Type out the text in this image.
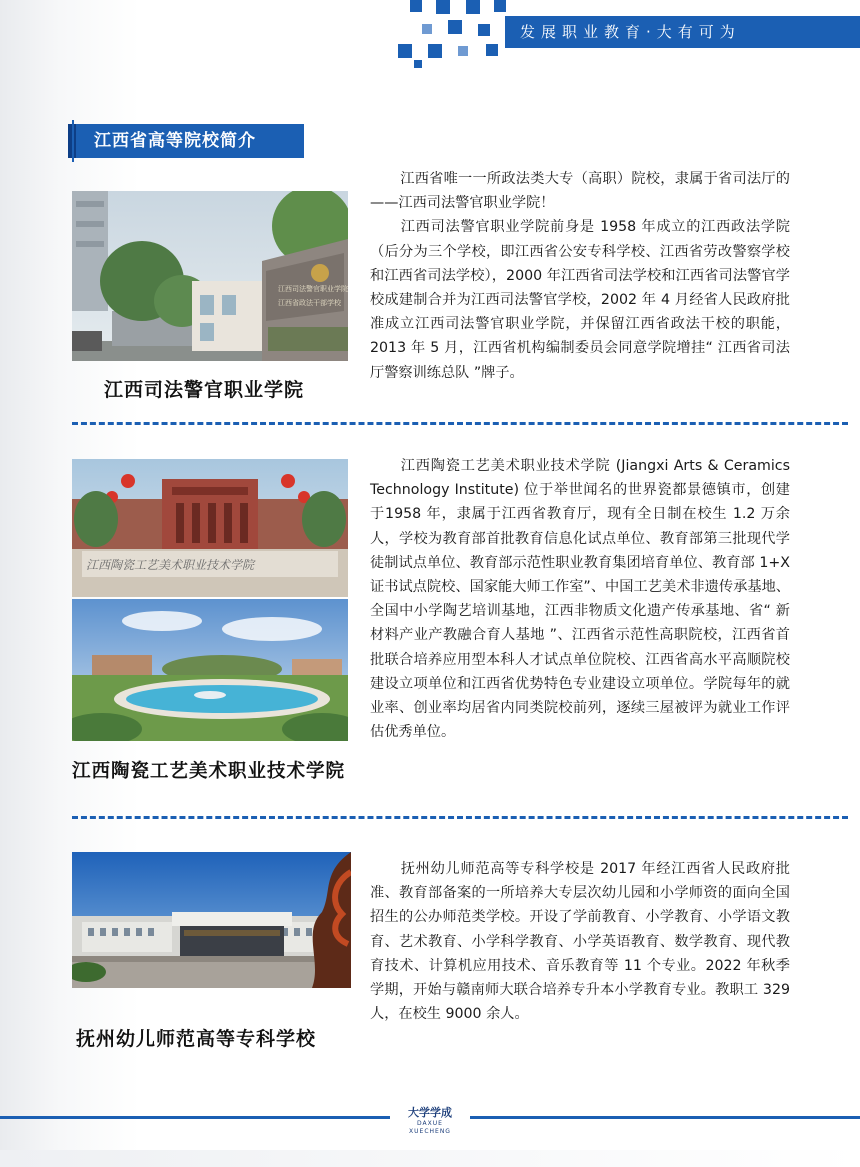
发展职业教育·大有可为
江西省高等院校简介
江西司法警官职业学院
江西省政法干部学校
江西司法警官职业学院

江西省唯一一所政法类大专（高职）院校，隶属于省司法厅的——江西司法警官职业学院！

江西司法警官职业学院前身是 1958 年成立的江西政法学院（后分为三个学校，即江西省公安专科学校、江西省劳改警察学校和江西省司法学校），2000 年江西省司法学校和江西省司法警官学校成建制合并为江西司法警官学校，2002 年 4 月经省人民政府批准成立江西司法警官职业学院，并保留江西省政法干校的职能，2013 年 5 月，江西省机构编制委员会同意学院增挂“ 江西省司法厅警察训练总队 ”牌子。

江西陶瓷工艺美术职业技术学院
江西陶瓷工艺美术职业技术学院

江西陶瓷工艺美术职业技术学院 (Jiangxi Arts & Ceramics Technology Institute) 位于举世闻名的世界瓷都景德镇市，创建于1958 年，隶属于江西省教育厅，现有全日制在校生 1.2 万余人，学校为教育部首批教育信息化试点单位、教育部第三批现代学徒制试点单位、教育部示范性职业教育集团培育单位、教育部 1+X 证书试点院校、国家能大师工作室”、中国工艺美术非遗传承基地、全国中小学陶艺培训基地，江西非物质文化遗产传承基地、省“ 新材料产业产教融合育人基地 ”、江西省示范性高职院校，江西省首批联合培养应用型本科人才试点单位院校、江西省高水平高顺院校建设立项单位和江西省优势特色专业建设立项单位。学院每年的就业率、创业率均居省内同类院校前列，逐续三屋被评为就业工作评估优秀单位。

抚州幼儿师范高等专科学校

抚州幼儿师范高等专科学校是 2017 年经江西省人民政府批准、教育部备案的一所培养大专层次幼儿园和小学师资的面向全国招生的公办师范类学校。开设了学前教育、小学教育、小学语文教育、艺术教育、小学科学教育、小学英语教育、数学教育、现代教育技术、计算机应用技术、音乐教育等 11 个专业。2022 年秋季学期，开始与赣南师大联合培养专升本小学教育专业。教职工 329 人，在校生 9000 余人。

大学学成
DAXUE XUECHENG
